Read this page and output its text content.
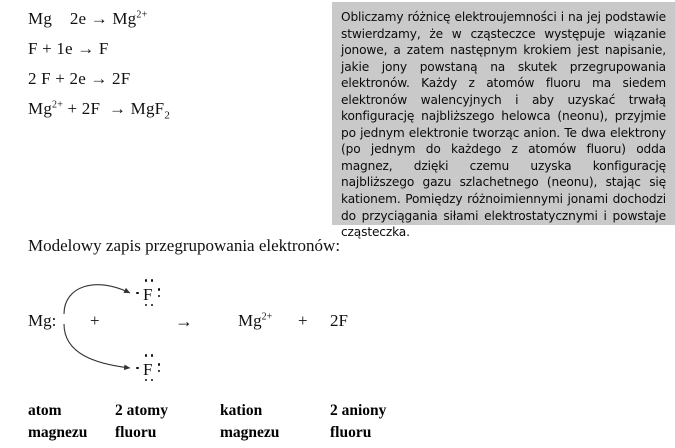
Mg    $2e \to Mg^{2+}$
F + 1e → F
2 F + 2e → 2F
$Mg^{2+} + 2F \to MgF_2$
Obliczamy różnicę elektroujemności i na jej podstawie stwierdzamy, że w cząsteczce występuje wiązanie jonowe, a zatem następnym krokiem jest napisanie, jakie jony powstaną na skutek przegrupowania elektronów. Każdy z atomów fluoru ma siedem elektronów walencyjnych i aby uzyskać trwałą konfigurację najbliższego helowca (neonu), przyjmie po jednym elektronie tworząc anion. Te dwa elektrony (po jednym do każdego z atomów fluoru) odda magnez, dzięki czemu uzyska konfigurację najbliższego gazu szlachetnego (neonu), stając się kationem. Pomiędzy różnoimiennymi jonami dochodzi do przyciągania siłami elektrostatycznymi i powstaje cząsteczka.
Modelowy zapis przegrupowania elektronów:
Mg: +
F
F
→	$Mg^{2+} + 2F$
atom
magnezu
2 atomy
fluoru
kation
magnezu
2 aniony
fluoru
